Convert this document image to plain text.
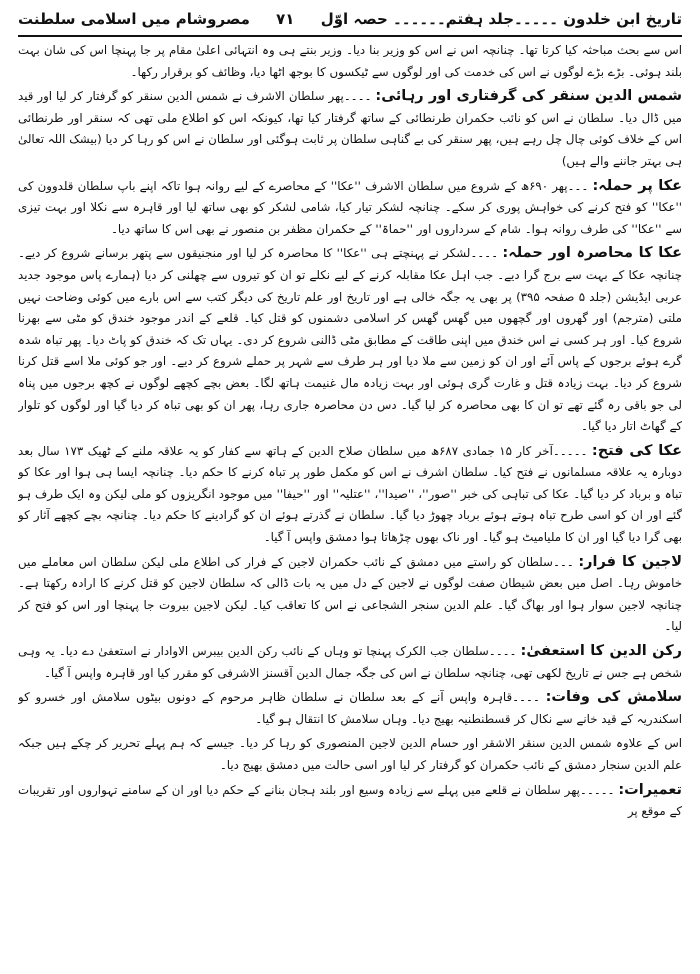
تاریخ ابن خلدون ۔۔۔۔۔جلد ہفتم۔۔۔۔۔۔ حصہ اوّل
۷۱
مصروشام میں اسلامی سلطنت

اس سے بحث مباحثہ کیا کرتا تھا۔ چنانچہ اس نے اس کو وزیر بنا دیا۔ وزیر بنتے ہی وہ انتہائی اعلیٰ مقام پر جا پہنچا اس کی شان بہت بلند ہوئی۔ بڑے بڑے لوگوں نے اس کی خدمت کی اور لوگوں سے ٹیکسوں کا بوجھ اٹھا دیا، وظائف کو برقرار رکھا۔

شمس الدین سنقر کی گرفتاری اور رہائی: ۔۔۔۔پھر سلطان الاشرف نے شمس الدین سنقر کو گرفتار کر لیا اور قید میں ڈال دیا۔ سلطان نے اس کو نائب حکمران طرنطائی کے ساتھ گرفتار کیا تھا، کیونکہ اس کو اطلاع ملی تھی کہ سنقر اور طرنطائی اس کے خلاف کوئی چال چل رہے ہیں، پھر سنقر کی بے گناہی سلطان پر ثابت ہوگئی اور سلطان نے اس کو رہا کر دیا (بیشک اللہ تعالیٰ ہی بہتر جاننے والے ہیں)

عکا پر حملہ: ۔۔۔پھر ۶۹۰ھ کے شروع میں سلطان الاشرف ''عکا'' کے محاصرے کے لیے روانہ ہوا تاکہ اپنے باپ سلطان قلدوون کی ''عکا'' کو فتح کرنے کی خواہش پوری کر سکے۔ چنانچہ لشکر تیار کیا، شامی لشکر کو بھی ساتھ لیا اور قاہرہ سے نکلا اور بہت تیزی سے ''عکا'' کی طرف روانہ ہوا۔ شام کے سرداروں اور ''حماۃ'' کے حکمران مظفر بن منصور نے بھی اس کا ساتھ دیا۔

عکا کا محاصرہ اور حملہ: ۔۔۔۔لشکر نے پہنچتے ہی ''عکا'' کا محاصرہ کر لیا اور منجنیقوں سے پتھر برسانے شروع کر دیے۔ چنانچہ عکا کے بہت سے برج گرا دیے۔ جب اہل عکا مقابلہ کرنے کے لیے نکلے تو ان کو تیروں سے چھلنی کر دیا (ہمارے پاس موجود جدید عربی ایڈیشن (جلد ۵ صفحہ ۳۹۵) پر بھی یہ جگہ خالی ہے اور تاریخ اور علم تاریخ کی دیگر کتب سے اس بارے میں کوئی وضاحت نہیں ملتی (مترجم) اور گھروں اور گچھوں میں گھس گھس کر اسلامی دشمنوں کو قتل کیا۔ قلعے کے اندر موجود خندق کو مٹی سے بھرنا شروع کیا۔ اور ہر کسی نے اس خندق میں اپنی طاقت کے مطابق مٹی ڈالنی شروع کر دی۔ یہاں تک کہ خندق کو پاٹ دیا۔ پھر تباہ شدہ گرے ہوئے برجوں کے پاس آئے اور ان کو زمین سے ملا دیا اور ہر طرف سے شہر پر حملے شروع کر دیے۔ اور جو کوئی ملا اسے قتل کرنا شروع کر دیا۔ بہت زیادہ قتل و غارت گری ہوئی اور بہت زیادہ مال غنیمت ہاتھ لگا۔ بعض بچے کچھے لوگوں نے کچھ برجوں میں پناہ لی جو باقی رہ گئے تھے تو ان کا بھی محاصرہ کر لیا گیا۔ دس دن محاصرہ جاری رہا، پھر ان کو بھی تباہ کر دیا گیا اور لوگوں کو تلوار کے گھاٹ اتار دیا گیا۔

عکا کی فتح: ۔۔۔۔۔آخر کار ۱۵ جمادی ۶۸۷ھ میں سلطان صلاح الدین کے ہاتھ سے کفار کو یہ علاقہ ملنے کے ٹھیک ۱۷۳ سال بعد دوبارہ یہ علاقہ مسلمانوں نے فتح کیا۔ سلطان اشرف نے اس کو مکمل طور پر تباہ کرنے کا حکم دیا۔ چنانچہ ایسا ہی ہوا اور عکا کو تباہ و برباد کر دیا گیا۔ عکا کی تباہی کی خبر ''صور''، ''صیدا''، ''عتلیہ'' اور ''حیفا'' میں موجود انگریزوں کو ملی لیکن وہ ایک طرف ہو گئے اور ان کو اسی طرح تباہ ہوتے ہوئے برباد چھوڑ دیا گیا۔ سلطان نے گذرتے ہوئے ان کو گرادینے کا حکم دیا۔ چنانچہ بچے کچھے آثار کو بھی گرا دیا گیا اور ان کا ملیامیٹ ہو گیا۔ اور ناک بھوں چڑھاتا ہوا دمشق واپس آ گیا۔

لاجین کا فرار: ۔۔۔سلطان کو راستے میں دمشق کے نائب حکمران لاجین کے فرار کی اطلاع ملی لیکن سلطان اس معاملے میں خاموش رہا۔ اصل میں بعض شیطان صفت لوگوں نے لاجین کے دل میں یہ بات ڈالی کہ سلطان لاجین کو قتل کرنے کا ارادہ رکھتا ہے۔ چنانچہ لاجین سوار ہوا اور بھاگ گیا۔ علم الدین سنجر الشجاعی نے اس کا تعاقب کیا۔ لیکن لاجین بیروت جا پہنچا اور اس کو فتح کر لیا۔

رکن الدین کا استعفیٰ: ۔۔۔۔سلطان جب الکرک پہنچا تو وہاں کے نائب رکن الدین بیبرس الاوادار نے استعفیٰ دے دیا۔ یہ وہی شخص ہے جس نے تاریخ لکھی تھی، چنانچہ سلطان نے اس کی جگہ جمال الدین آقسنز الاشرفی کو مقرر کیا اور قاہرہ واپس آ گیا۔

سلامش کی وفات: ۔۔۔۔قاہرہ واپس آنے کے بعد سلطان نے سلطان ظاہر مرحوم کے دونوں بیٹوں سلامش اور خسرو کو اسکندریہ کے قید خانے سے نکال کر قسطنطنیہ بھیج دیا۔ وہاں سلامش کا انتقال ہو گیا۔

اس کے علاوہ شمس الدین سنقر الاشقر اور حسام الدین لاجین المنصوری کو رہا کر دیا۔ جیسے کہ ہم پہلے تحریر کر چکے ہیں جبکہ علم الدین سنجار دمشق کے نائب حکمران کو گرفتار کر لیا اور اسی حالت میں دمشق بھیج دیا۔

تعمیرات: ۔۔۔۔۔پھر سلطان نے قلعے میں پہلے سے زیادہ وسیع اور بلند ہجان بنانے کے حکم دیا اور ان کے سامنے تہواروں اور تقریبات کے موقع پر
